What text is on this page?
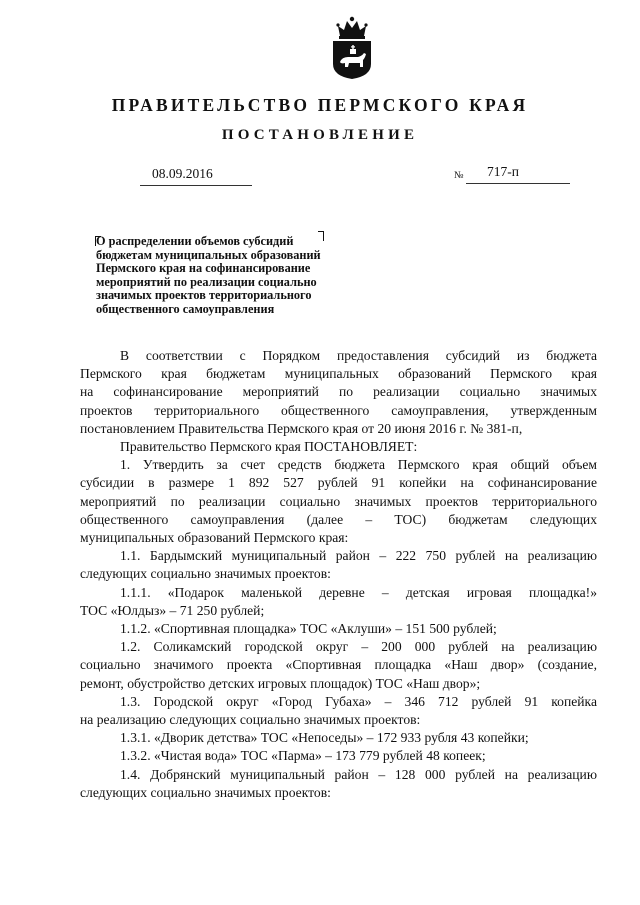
ПРАВИТЕЛЬСТВО ПЕРМСКОГО КРАЯ
ПОСТАНОВЛЕНИЕ
08.09.2016	№ 717-п
О распределении объемов субсидий
бюджетам муниципальных образований
Пермского края на софинансирование
мероприятий по реализации социально
значимых проектов территориального
общественного самоуправления
В соответствии с Порядком предоставления субсидий из бюджета
Пермского края бюджетам муниципальных образований Пермского края
на софинансирование мероприятий по реализации социально значимых
проектов территориального общественного самоуправления, утвержденным
постановлением Правительства Пермского края от 20 июня 2016 г. № 381-п,
Правительство Пермского края ПОСТАНОВЛЯЕТ:
1. Утвердить за счет средств бюджета Пермского края общий объем
субсидии в размере 1 892 527 рублей 91 копейки на софинансирование
мероприятий по реализации социально значимых проектов территориального
общественного самоуправления (далее – ТОС) бюджетам следующих
муниципальных образований Пермского края:
1.1. Бардымский муниципальный район – 222 750 рублей на реализацию
следующих социально значимых проектов:
1.1.1. «Подарок маленькой деревне – детская игровая площадка!»
ТОС «Юлдыз» – 71 250 рублей;
1.1.2. «Спортивная площадка» ТОС «Аклуши» – 151 500 рублей;
1.2. Соликамский городской округ – 200 000 рублей на реализацию
социально значимого проекта «Спортивная площадка «Наш двор» (создание,
ремонт, обустройство детских игровых площадок) ТОС «Наш двор»;
1.3. Городской округ «Город Губаха» – 346 712 рублей 91 копейка
на реализацию следующих социально значимых проектов:
1.3.1. «Дворик детства» ТОС «Непоседы» – 172 933 рубля 43 копейки;
1.3.2. «Чистая вода» ТОС «Парма» – 173 779 рублей 48 копеек;
1.4. Добрянский муниципальный район – 128 000 рублей на реализацию
следующих социально значимых проектов:
